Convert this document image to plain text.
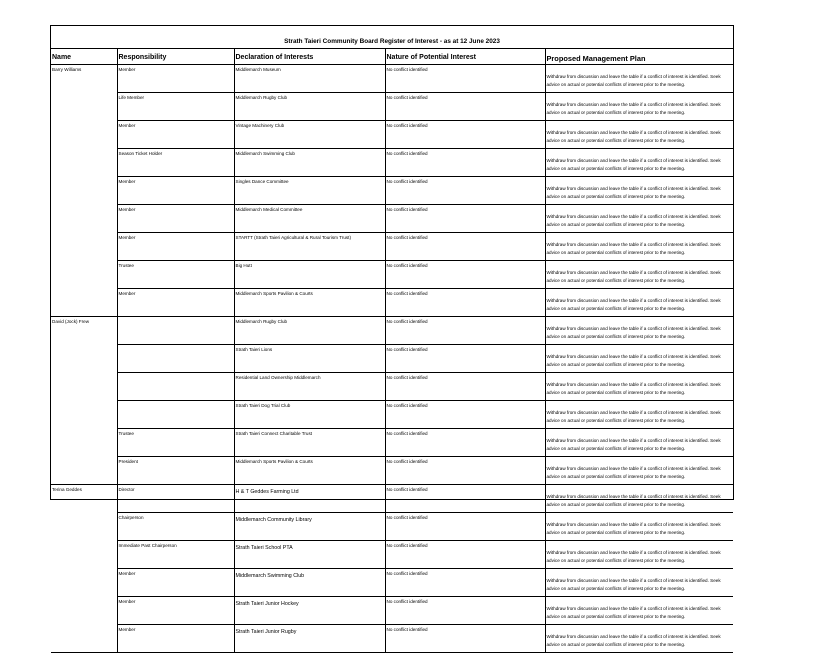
Strath Taieri Community Board Register of Interest - as at 12 June 2023
Name	Responsibility	Declaration of Interests	Nature of Potential Interest	Proposed Management Plan
Barry Williams	Member	Middlemarch Museum	No conflict identified	Withdraw from discussion and leave the table if a conflict of interest is identified. Seek advice on actual or potential conflicts of interest prior to the meeting.
	Life Member	Middlemarch Rugby Club	No conflict identified	Withdraw from discussion and leave the table if a conflict of interest is identified. Seek advice on actual or potential conflicts of interest prior to the meeting.
	Member	Vintage Machinery Club	No conflict identified	Withdraw from discussion and leave the table if a conflict of interest is identified. Seek advice on actual or potential conflicts of interest prior to the meeting.
	Season Ticket Holder	Middlemarch Swimming Club	No conflict identified	Withdraw from discussion and leave the table if a conflict of interest is identified. Seek advice on actual or potential conflicts of interest prior to the meeting.
	Member	Singles Dance Committee	No conflict identified	Withdraw from discussion and leave the table if a conflict of interest is identified. Seek advice on actual or potential conflicts of interest prior to the meeting.
	Member	Middlemarch Medical Committee	No conflict identified	Withdraw from discussion and leave the table if a conflict of interest is identified. Seek advice on actual or potential conflicts of interest prior to the meeting.
	Member	STARTT (Strath Taieri Agricultural & Rural Tourism Trust)	No conflict identified	Withdraw from discussion and leave the table if a conflict of interest is identified. Seek advice on actual or potential conflicts of interest prior to the meeting.
	Trustee	Big Hutt	No conflict identified	Withdraw from discussion and leave the table if a conflict of interest is identified. Seek advice on actual or potential conflicts of interest prior to the meeting.
	Member	Middlemarch Sports Pavilion & Courts	No conflict identified	Withdraw from discussion and leave the table if a conflict of interest is identified. Seek advice on actual or potential conflicts of interest prior to the meeting.
David (Jock) Frew		Middlemarch Rugby Club	No conflict identified	Withdraw from discussion and leave the table if a conflict of interest is identified. Seek advice on actual or potential conflicts of interest prior to the meeting.
		Strath Taieri Lions	No conflict identified	Withdraw from discussion and leave the table if a conflict of interest is identified. Seek advice on actual or potential conflicts of interest prior to the meeting.
		Residential Land Ownership Middlemarch	No conflict identified	Withdraw from discussion and leave the table if a conflict of interest is identified. Seek advice on actual or potential conflicts of interest prior to the meeting.
		Strath Taieri Dog Trial Club	No conflict identified	Withdraw from discussion and leave the table if a conflict of interest is identified. Seek advice on actual or potential conflicts of interest prior to the meeting.
	Trustee	Strath Taieri Connect Charitable Trust	No conflict identified	Withdraw from discussion and leave the table if a conflict of interest is identified. Seek advice on actual or potential conflicts of interest prior to the meeting.
	President	Middlemarch Sports Pavilion & Courts	No conflict identified	Withdraw from discussion and leave the table if a conflict of interest is identified. Seek advice on actual or potential conflicts of interest prior to the meeting.
Terina Geddes	Director	H & T Geddes Farming Ltd	No conflict identified	Withdraw from discussion and leave the table if a conflict of interest is identified. Seek advice on actual or potential conflicts of interest prior to the meeting.
	Chairperson	Middlemarch Community Library	No conflict identified	Withdraw from discussion and leave the table if a conflict of interest is identified. Seek advice on actual or potential conflicts of interest prior to the meeting.
	Immediate Past Chairperson	Strath Taieri School PTA	No conflict identified	Withdraw from discussion and leave the table if a conflict of interest is identified. Seek advice on actual or potential conflicts of interest prior to the meeting.
	Member	Middlemarch Swimming Club	No conflict identified	Withdraw from discussion and leave the table if a conflict of interest is identified. Seek advice on actual or potential conflicts of interest prior to the meeting.
	Member	Strath Taieri Junior Hockey	No conflict identified	Withdraw from discussion and leave the table if a conflict of interest is identified. Seek advice on actual or potential conflicts of interest prior to the meeting.
	Member	Strath Taieri Junior Rugby	No conflict identified	Withdraw from discussion and leave the table if a conflict of interest is identified. Seek advice on actual or potential conflicts of interest prior to the meeting.
